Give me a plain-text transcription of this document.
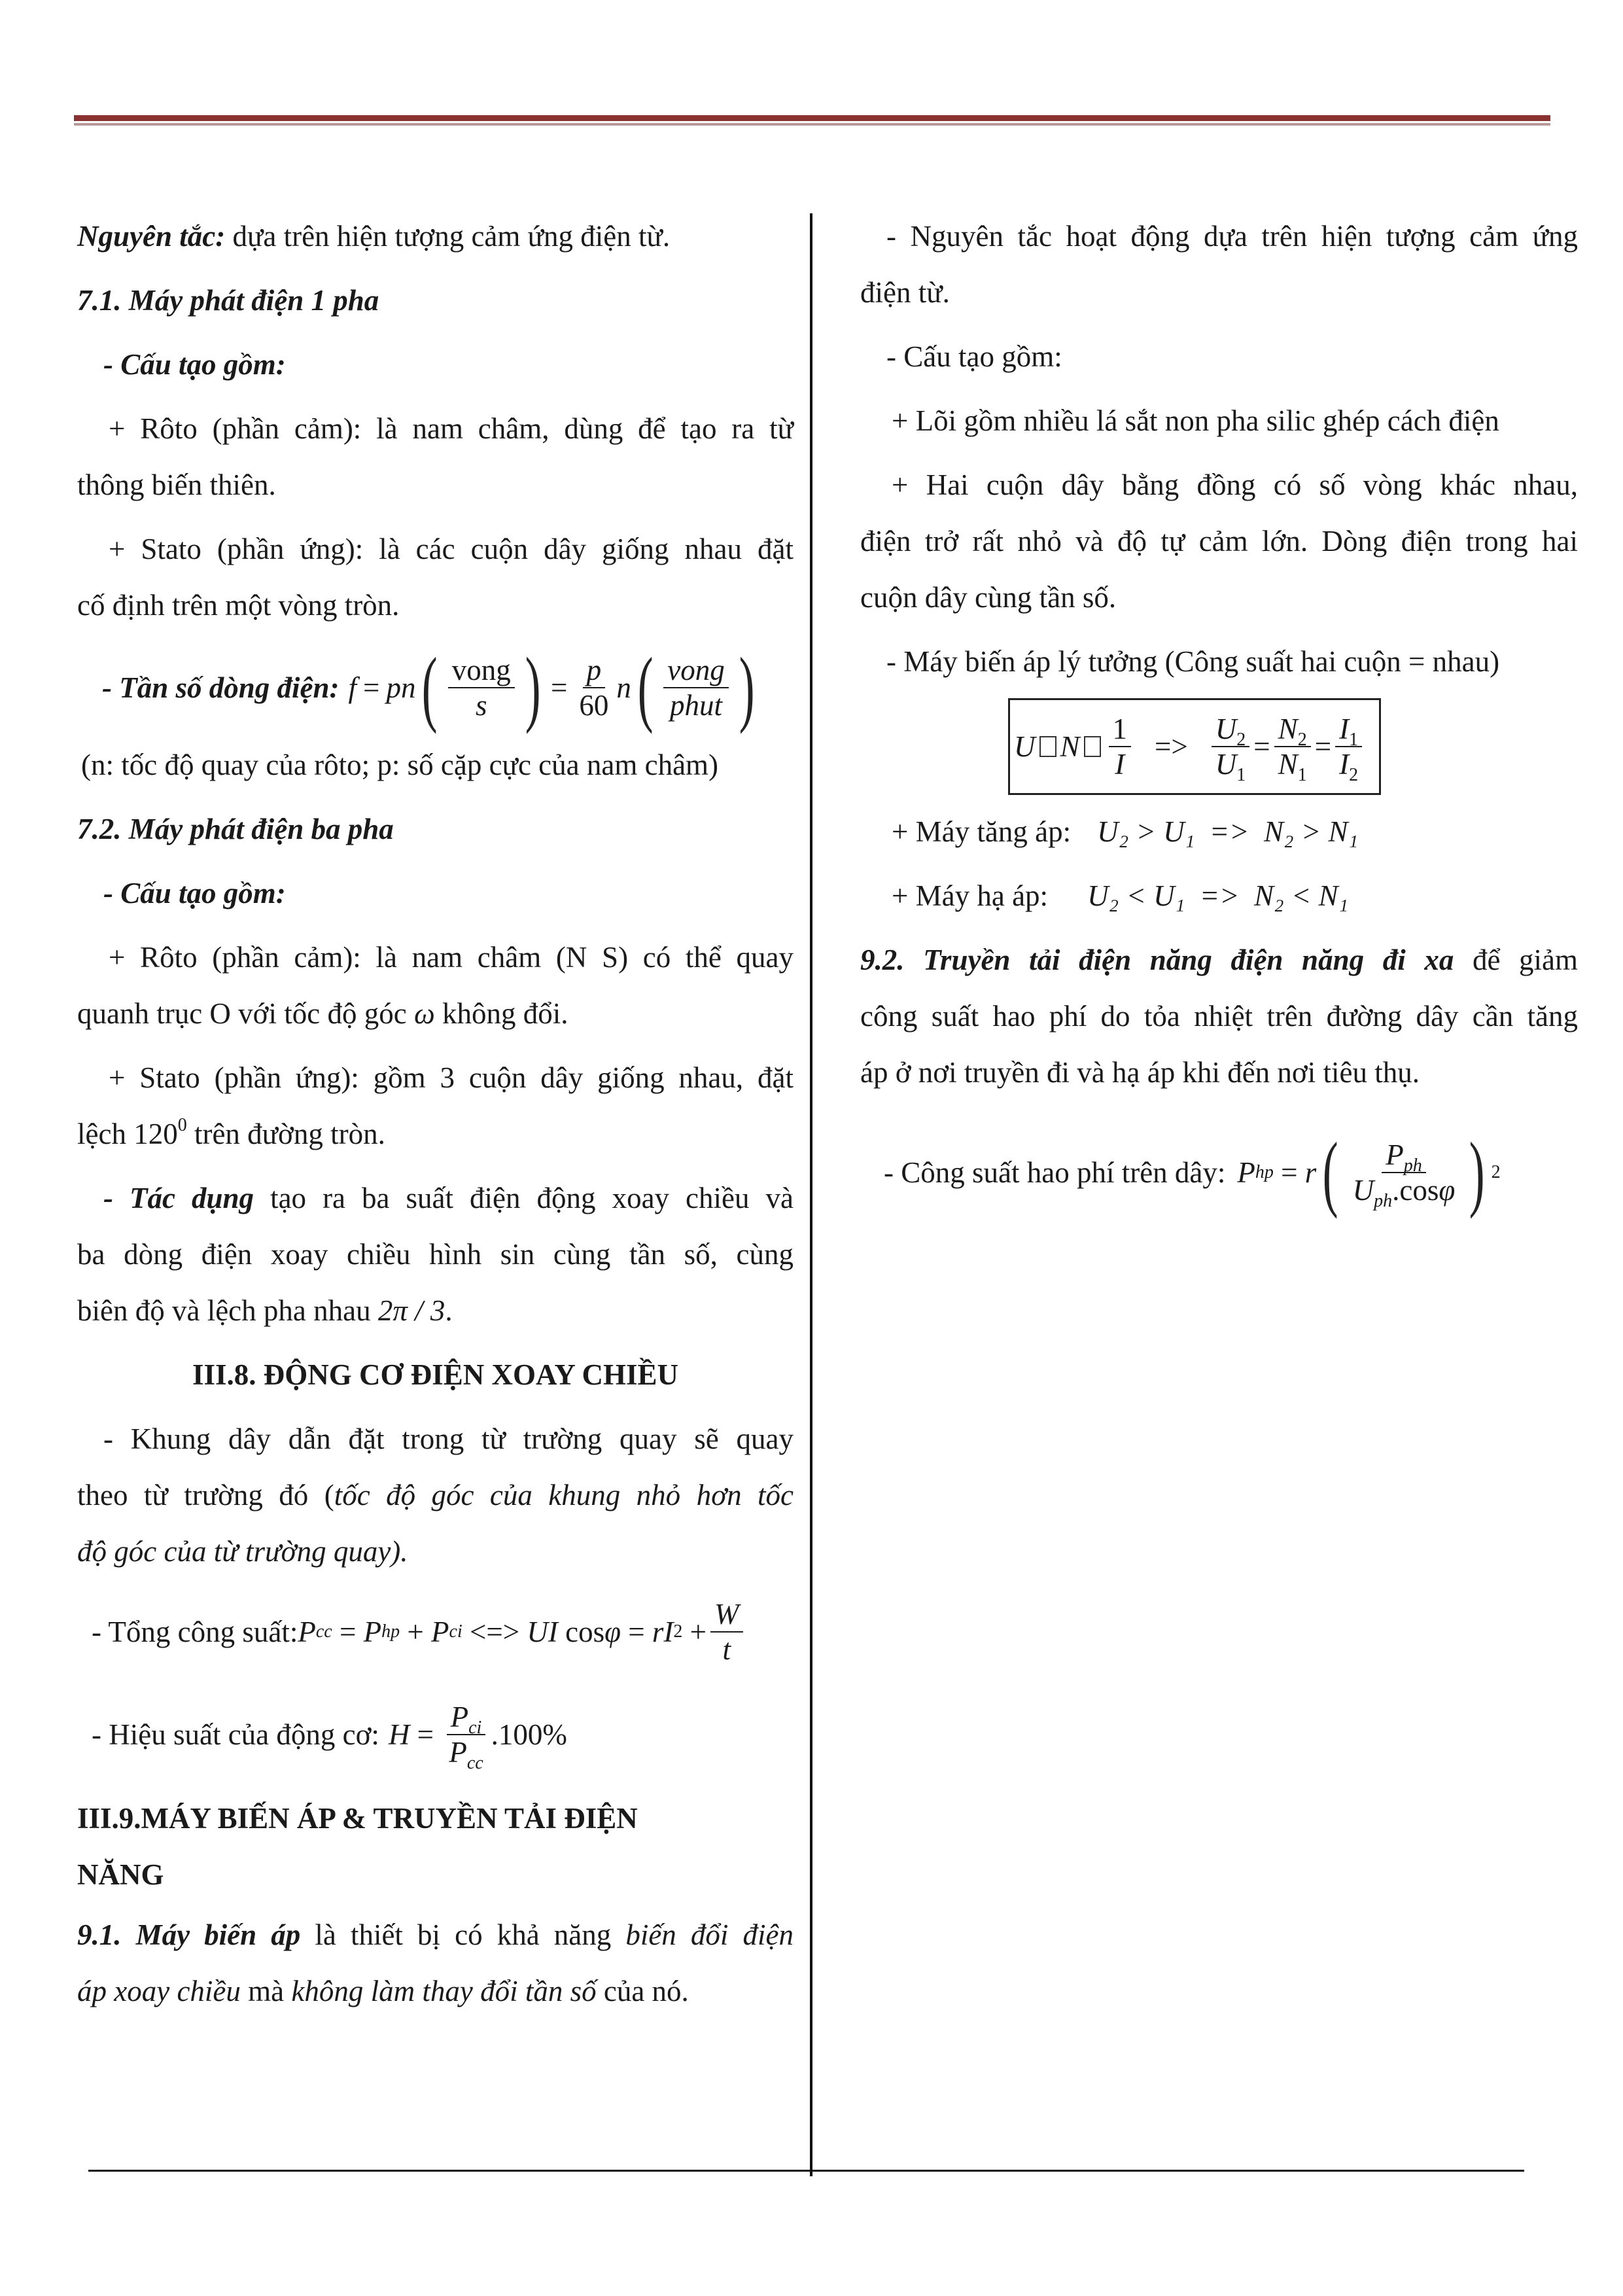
Nguyên tắc: dựa trên hiện tượng cảm ứng điện từ.

7.1. Máy phát điện 1 pha

- Cấu tạo gồm:

+ Rôto (phần cảm): là nam châm, dùng để tạo ra từ

thông biến thiên.

+ Stato (phần ứng): là các cuộn dây giống nhau đặt

cố định trên một vòng tròn.

- Tần số dòng điện: f = pn ( $\frac{\text{vong}}{s}$ ) = $\frac{p}{60}$ n ( $\frac{\text{vong}}{\text{phut}}$ )

(n: tốc độ quay của rôto; p: số cặp cực của nam châm)

7.2. Máy phát điện ba pha

- Cấu tạo gồm:

+ Rôto (phần cảm): là nam châm (N S) có thể quay

quanh trục O với tốc độ góc ω không đổi.

+ Stato (phần ứng): gồm 3 cuộn dây giống nhau, đặt

lệch $120^0$ trên đường tròn.

- Tác dụng tạo ra ba suất điện động xoay chiều và

ba dòng điện xoay chiều hình sin cùng tần số, cùng

biên độ và lệch pha nhau 2π / 3.

III.8. ĐỘNG CƠ ĐIỆN XOAY CHIỀU

- Khung dây dẫn đặt trong từ trường quay sẽ quay

theo từ trường đó (tốc độ góc của khung nhỏ hơn tốc

độ góc của từ trường quay).

- Tổng công suất: P cc = P hp + P ci <=> UI cos φ = rI $2 + \frac{W}{t}$
- Hiệu suất của động cơ: $H = \frac{P_{ci}}{P_{cc}} .100\%$

III.9.MÁY BIẾN ÁP & TRUYỀN TẢI ĐIỆN

NĂNG

9.1. Máy biến áp là thiết bị có khả năng biến đổi điện

áp xoay chiều mà không làm thay đổi tần số của nó.

- Nguyên tắc hoạt động dựa trên hiện tượng cảm ứng

điện từ.

- Cấu tạo gồm:

+ Lõi gồm nhiều lá sắt non pha silic ghép cách điện

+ Hai cuộn dây bằng đồng có số vòng khác nhau,

điện trở rất nhỏ và độ tự cảm lớn. Dòng điện trong hai

cuộn dây cùng tần số.

- Máy biến áp lý tưởng (Công suất hai cuộn = nhau)

U N $\frac{1}{I} => \frac{U_2}{U_1} = \frac{N_2}{N_1} = \frac{I_1}{I_2}$

+ Máy tăng áp: U₂ > U₁  =>  N₂ > N₁

+ Máy hạ áp: U₂ < U₁  =>  N₂ < N₁

9.2. Truyền tải điện năng điện năng đi xa để giảm

công suất hao phí do tỏa nhiệt trên đường dây cần tăng

áp ở nơi truyền đi và hạ áp khi đến nơi tiêu thụ.

- Công suất hao phí trên dây: P hp = r ( $\frac{P_{ph}}{U_{ph}.\cos\varphi}$ ) 2
